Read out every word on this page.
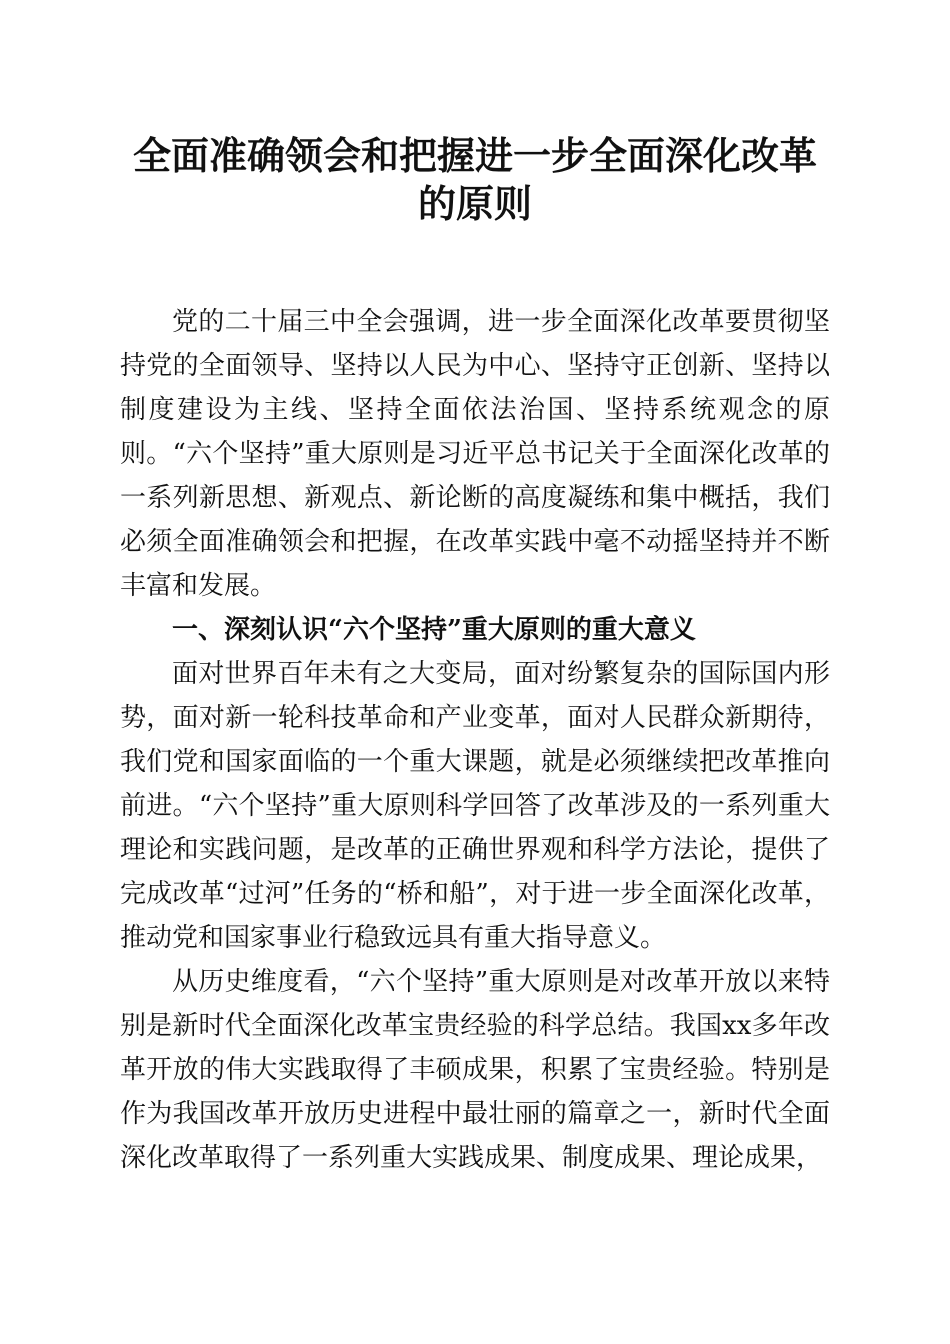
全面准确领会和把握进一步全面深化改革的原则

党的二十届三中全会强调，进一步全面深化改革要贯彻坚持党的全面领导、坚持以人民为中心、坚持守正创新、坚持以制度建设为主线、坚持全面依法治国、坚持系统观念的原则。“六个坚持”重大原则是习近平总书记关于全面深化改革的一系列新思想、新观点、新论断的高度凝练和集中概括，我们必须全面准确领会和把握，在改革实践中毫不动摇坚持并不断丰富和发展。

一、深刻认识“六个坚持”重大原则的重大意义

面对世界百年未有之大变局，面对纷繁复杂的国际国内形势，面对新一轮科技革命和产业变革，面对人民群众新期待，我们党和国家面临的一个重大课题，就是必须继续把改革推向前进。“六个坚持”重大原则科学回答了改革涉及的一系列重大理论和实践问题，是改革的正确世界观和科学方法论，提供了完成改革“过河”任务的“桥和船”，对于进一步全面深化改革，推动党和国家事业行稳致远具有重大指导意义。

从历史维度看，“六个坚持”重大原则是对改革开放以来特别是新时代全面深化改革宝贵经验的科学总结。我国xx多年改革开放的伟大实践取得了丰硕成果，积累了宝贵经验。特别是作为我国改革开放历史进程中最壮丽的篇章之一，新时代全面深化改革取得了一系列重大实践成果、制度成果、理论成果，
